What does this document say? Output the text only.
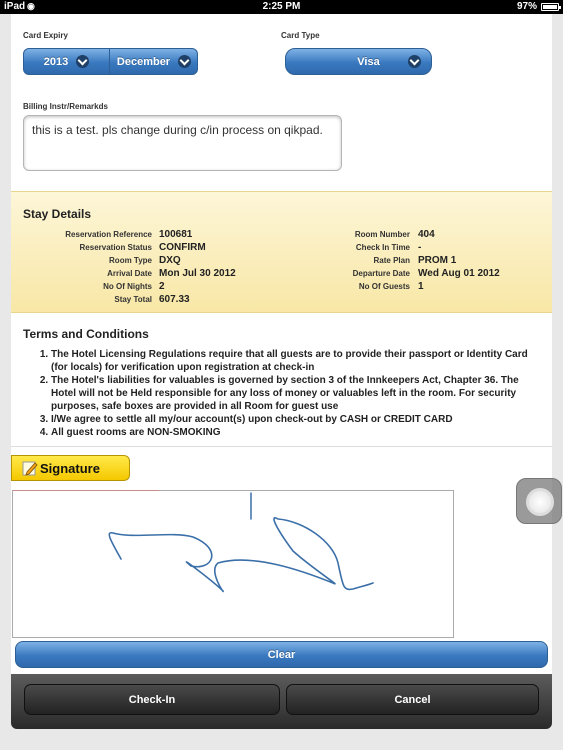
iPad ◉	2:25 PM	97%
Card Expiry
2013	December
Card Type
Visa
Billing Instr/Remarkds
this is a test. pls change during c/in process on qikpad.
Stay Details
Reservation Reference 100681
Reservation Status CONFIRM
Room Type DXQ
Arrival Date Mon Jul 30 2012
No Of Nights 2
Stay Total 607.33
Room Number 404
Check In Time -
Rate Plan PROM 1
Departure Date Wed Aug 01 2012
No Of Guests 1
Terms and Conditions
1. The Hotel Licensing Regulations require that all guests are to provide their passport or Identity Card (for locals) for verification upon registration at check-in
2. The Hotel's liabilities for valuables is governed by section 3 of the Innkeepers Act, Chapter 36. The Hotel will not be Held responsible for any loss of money or valuables left in the room. For security purposes, safe boxes are provided in all Room for guest use
3. I/We agree to settle all my/our account(s) upon check-out by CASH or CREDIT CARD
4. All guest rooms are NON-SMOKING
Signature
Clear
Check-In	Cancel
